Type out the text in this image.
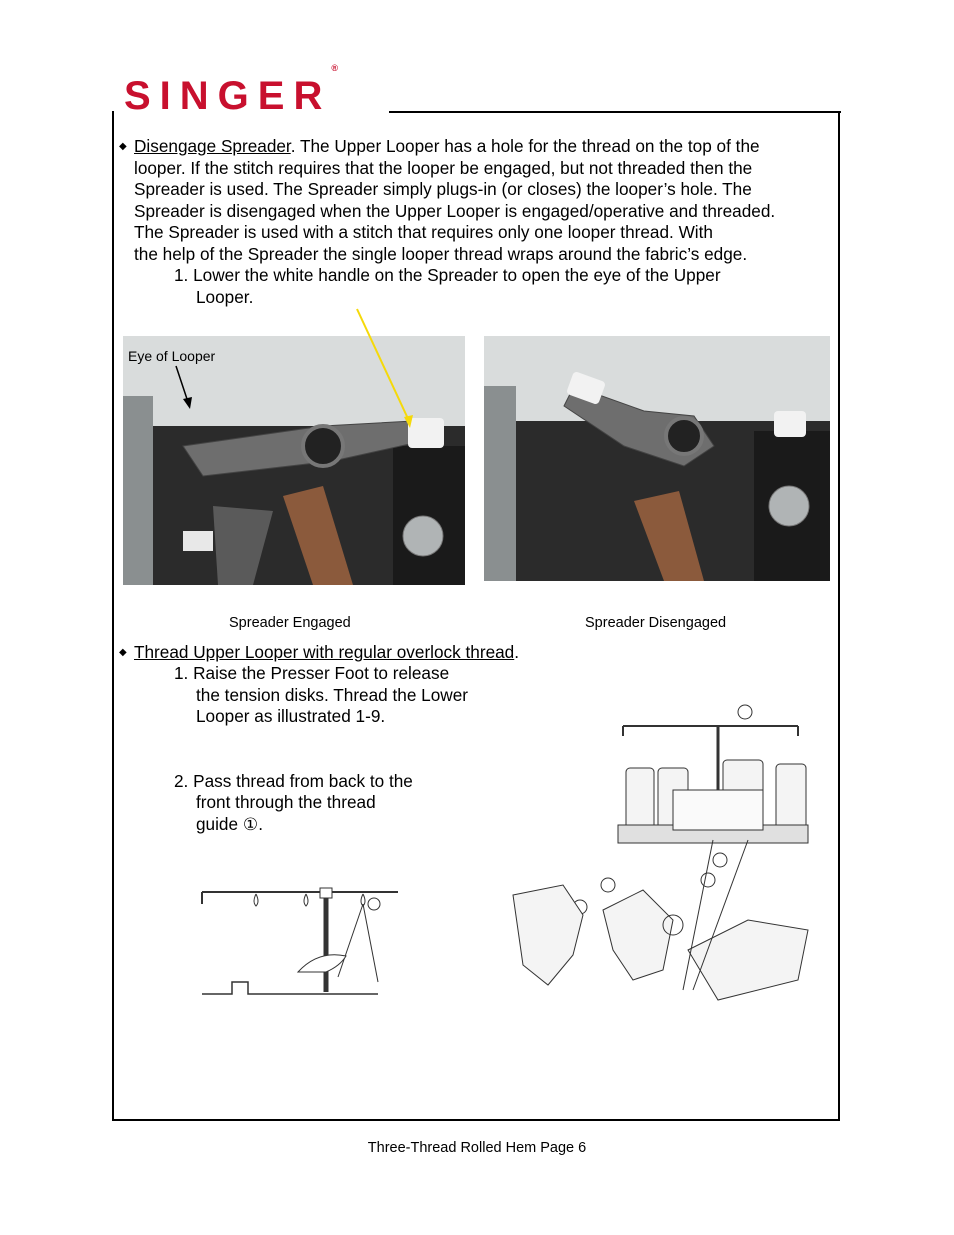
SINGER®
◆ Disengage Spreader. The Upper Looper has a hole for the thread on the top of the
looper. If the stitch requires that the looper be engaged, but not threaded then the
Spreader is used. The Spreader simply plugs-in (or closes) the looper’s hole. The
Spreader is disengaged when the Upper Looper is engaged/operative and threaded.
The Spreader is used with a stitch that requires only one looper thread. With
the help of the Spreader the single looper thread wraps around the fabric’s edge.
1. Lower the white handle on the Spreader to open the eye of the Upper
Looper.
Eye of Looper
Spreader Engaged	Spreader Disengaged
◆ Thread Upper Looper with regular overlock thread.
1. Raise the Presser Foot to release
the tension disks. Thread the Lower
Looper as illustrated 1-9.
2. Pass thread from back to the
front through the thread
guide ①.
Three-Thread Rolled Hem Page 6
